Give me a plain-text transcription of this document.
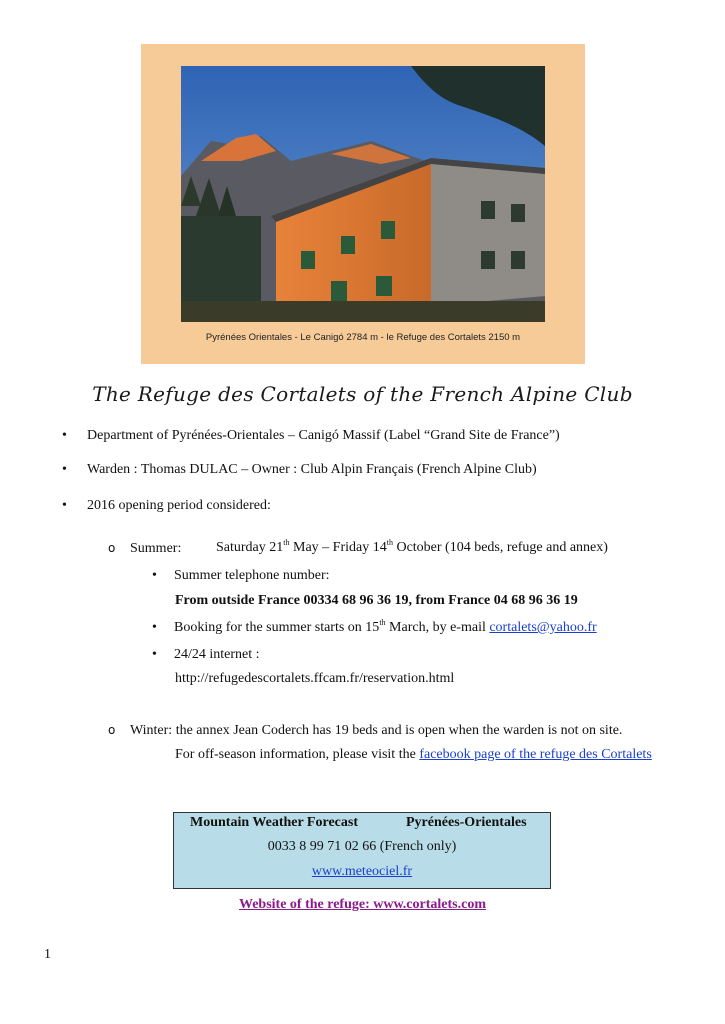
Pyrénées Orientales - Le Canigó 2784 m - le Refuge des Cortalets 2150 m
The Refuge des Cortalets of the French Alpine Club
• Department of Pyrénées-Orientales – Canigó Massif (Label “Grand Site de France”)
• Warden : Thomas DULAC – Owner : Club Alpin Français (French Alpine Club)
• 2016 opening period considered:
o Summer: Saturday 21th May – Friday 14th October (104 beds, refuge and annex)
• Summer telephone number:
From outside France 00334 68 96 36 19, from France 04 68 96 36 19
• Booking for the summer starts on 15th March, by e-mail cortalets@yahoo.fr
• 24/24 internet :
http://refugedescortalets.ffcam.fr/reservation.html
o Winter: the annex Jean Coderch has 19 beds and is open when the warden is not on site.
For off-season information, please visit the facebook page of the refuge des Cortalets
Mountain Weather Forecast	Pyrénées-Orientales
0033 8 99 71 02 66 (French only)
www.meteociel.fr
Website of the refuge: www.cortalets.com
1
